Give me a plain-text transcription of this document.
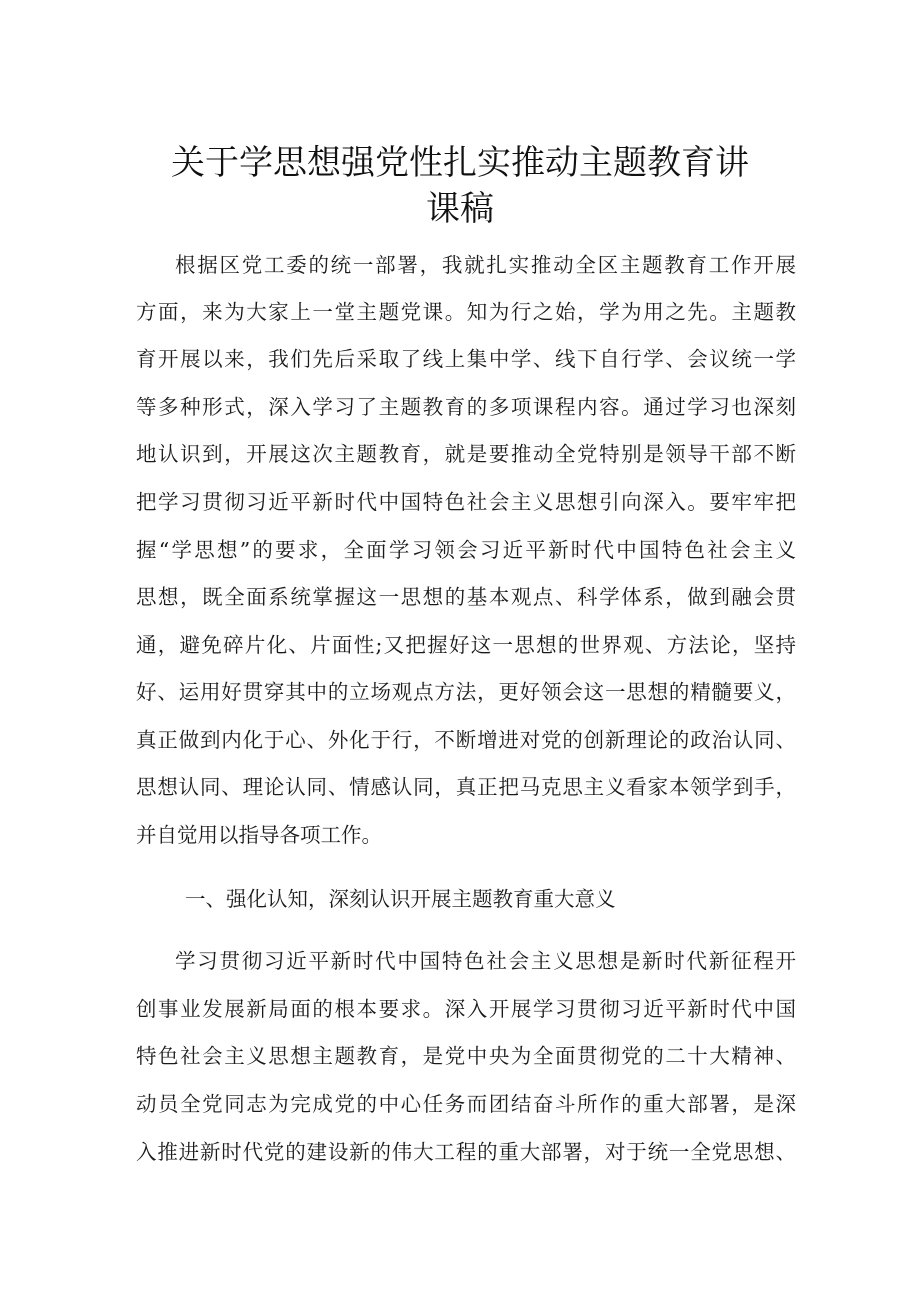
关于学思想强党性扎实推动主题教育讲
课稿
根据区党工委的统一部署，我就扎实推动全区主题教育工作开展
方面，来为大家上一堂主题党课。知为行之始，学为用之先。主题教
育开展以来，我们先后采取了线上集中学、线下自行学、会议统一学
等多种形式，深入学习了主题教育的多项课程内容。通过学习也深刻
地认识到，开展这次主题教育，就是要推动全党特别是领导干部不断
把学习贯彻习近平新时代中国特色社会主义思想引向深入。要牢牢把
握“学思想”的要求，全面学习领会习近平新时代中国特色社会主义
思想，既全面系统掌握这一思想的基本观点、科学体系，做到融会贯
通，避免碎片化、片面性;又把握好这一思想的世界观、方法论，坚持
好、运用好贯穿其中的立场观点方法，更好领会这一思想的精髓要义，
真正做到内化于心、外化于行，不断增进对党的创新理论的政治认同、
思想认同、理论认同、情感认同，真正把马克思主义看家本领学到手，
并自觉用以指导各项工作。
一、强化认知，深刻认识开展主题教育重大意义
学习贯彻习近平新时代中国特色社会主义思想是新时代新征程开
创事业发展新局面的根本要求。深入开展学习贯彻习近平新时代中国
特色社会主义思想主题教育，是党中央为全面贯彻党的二十大精神、
动员全党同志为完成党的中心任务而团结奋斗所作的重大部署，是深
入推进新时代党的建设新的伟大工程的重大部署，对于统一全党思想、
